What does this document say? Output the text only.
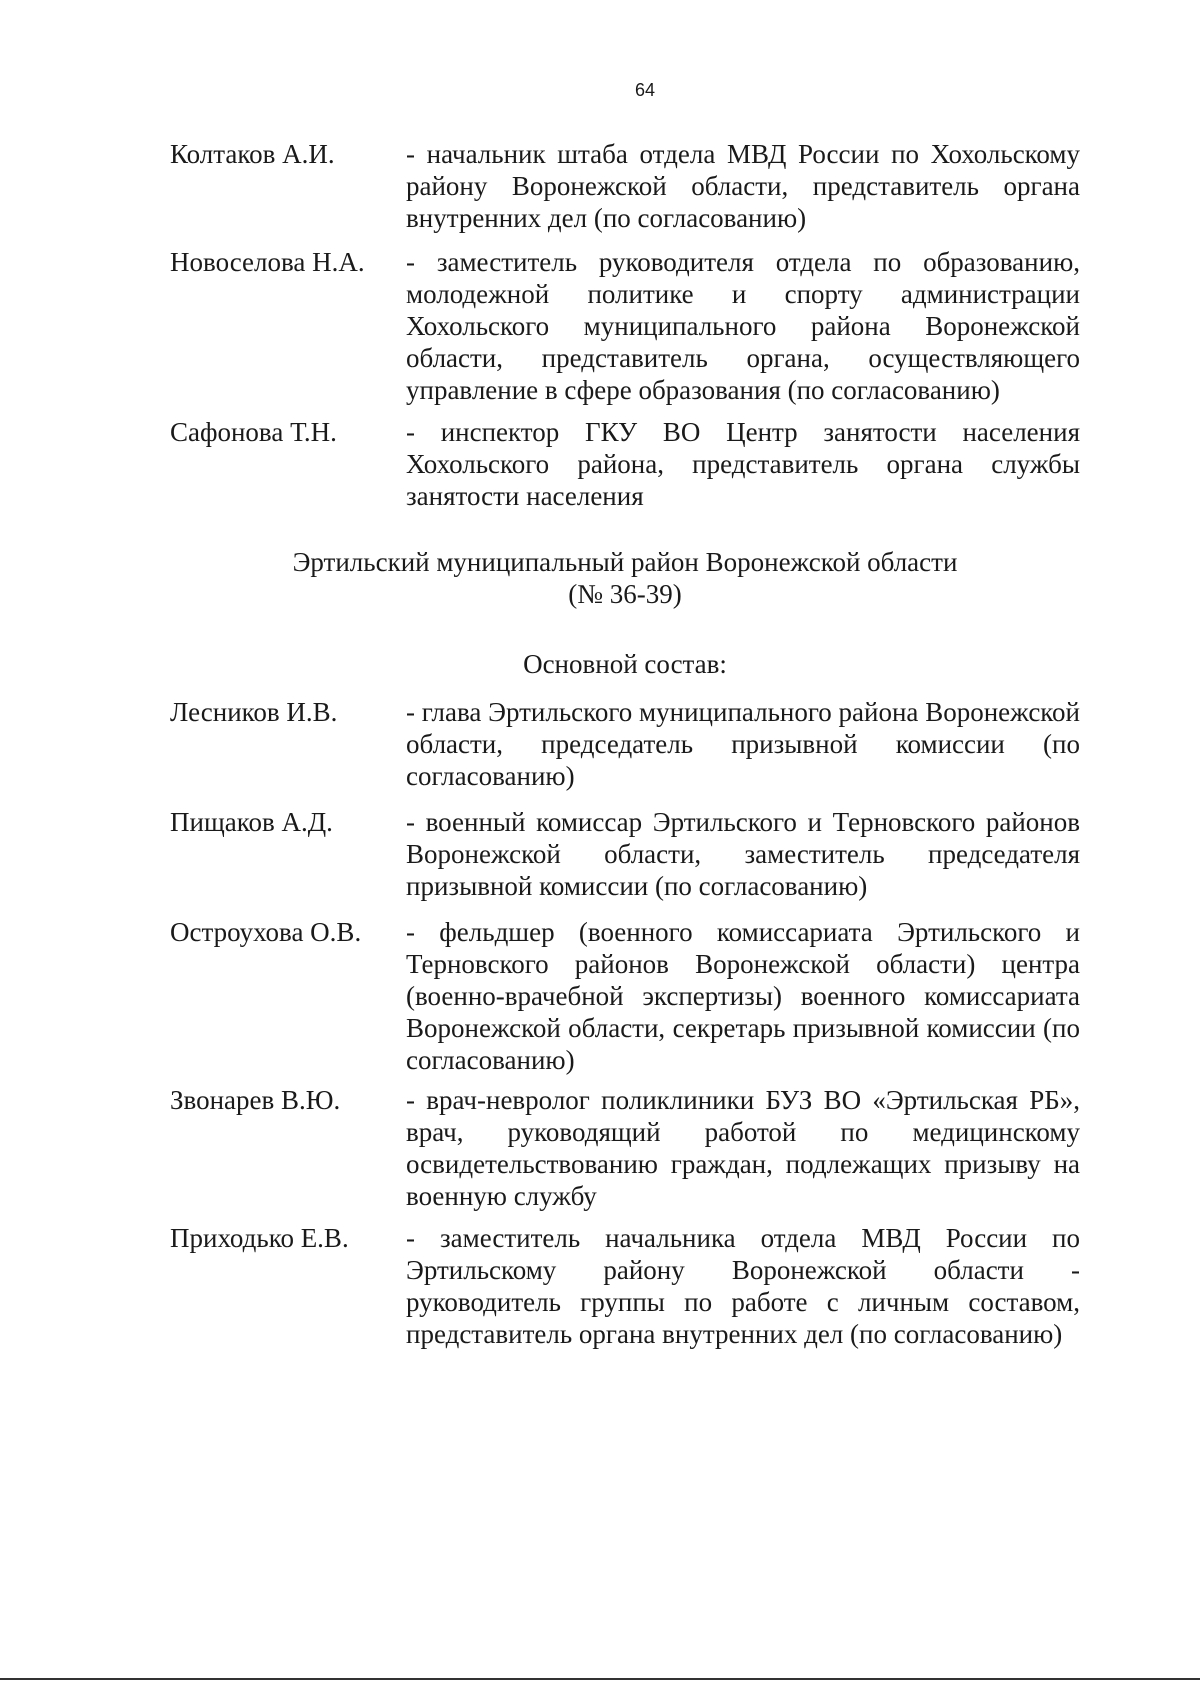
64
Колтаков А.И.	- начальник штаба отдела МВД России по Хохольскому району Воронежской области, представитель органа внутренних дел (по согласованию)
Новоселова Н.А.	- заместитель руководителя отдела по образованию, молодежной политике и спорту администрации Хохольского муниципального района Воронежской области, представитель органа, осуществляющего управление в сфере образования (по согласованию)
Сафонова Т.Н.	- инспектор ГКУ ВО Центр занятости населения Хохольского района, представитель органа службы занятости населения
Эртильский муниципальный район Воронежской области
(№ 36-39)
Основной состав:
Лесников И.В.	- глава Эртильского муниципального района Воронежской области, председатель призывной комиссии (по согласованию)
Пищаков А.Д.	- военный комиссар Эртильского и Терновского районов Воронежской области, заместитель председателя призывной комиссии (по согласованию)
Остроухова О.В.	- фельдшер (военного комиссариата Эртильского и Терновского районов Воронежской области) центра (военно-врачебной экспертизы) военного комиссариата Воронежской области, секретарь призывной комиссии (по согласованию)
Звонарев В.Ю.	- врач-невролог поликлиники БУЗ ВО «Эртильская РБ», врач, руководящий работой по медицинскому освидетельствованию граждан, подлежащих призыву на военную службу
Приходько Е.В.	- заместитель начальника отдела МВД России по Эртильскому району Воронежской области - руководитель группы по работе с личным составом, представитель органа внутренних дел (по согласованию)
